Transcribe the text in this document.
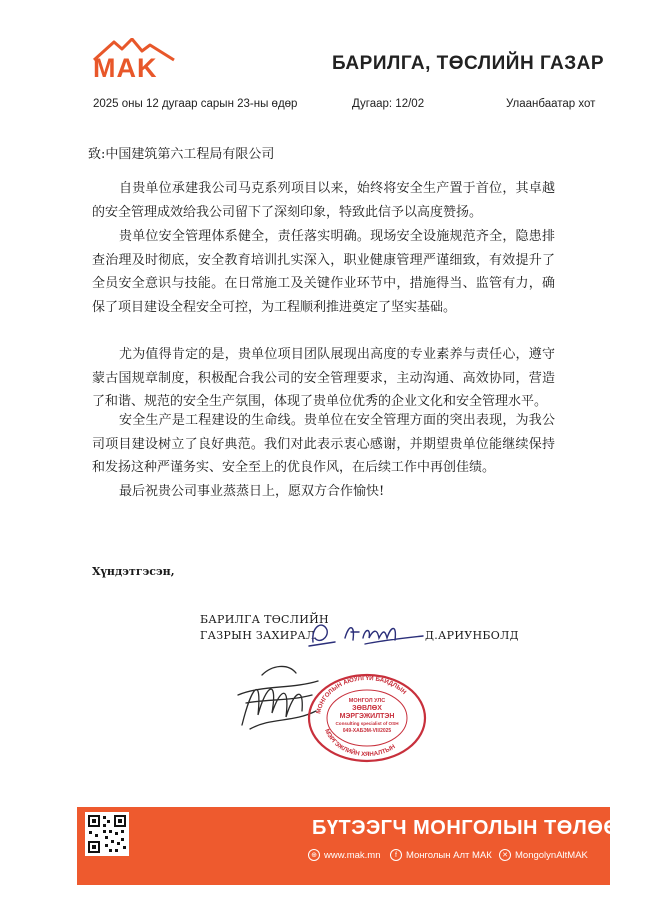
MAK	БАРИЛГА, ТӨСЛИЙН ГАЗАР
2025 оны 12 дугаар сарын 23-ны өдөр	Дугаар: 12/02	Улаанбаатар хот
致:中国建筑第六工程局有限公司
自贵单位承建我公司马克系列项目以来，始终将安全生产置于首位，其卓越的安全管理成效给我公司留下了深刻印象，特致此信予以高度赞扬。
贵单位安全管理体系健全，责任落实明确。现场安全设施规范齐全，隐患排查治理及时彻底，安全教育培训扎实深入，职业健康管理严谨细致，有效提升了全员安全意识与技能。在日常施工及关键作业环节中，措施得当、监管有力，确保了项目建设全程安全可控，为工程顺利推进奠定了坚实基础。
尤为值得肯定的是，贵单位项目团队展现出高度的专业素养与责任心，遵守蒙古国规章制度，积极配合我公司的安全管理要求，主动沟通、高效协同，营造了和谐、规范的安全生产氛围，体现了贵单位优秀的企业文化和安全管理水平。
安全生产是工程建设的生命线。贵单位在安全管理方面的突出表现，为我公司项目建设树立了良好典范。我们对此表示衷心感谢，并期望贵单位能继续保持和发扬这种严谨务实、安全至上的优良作风，在后续工作中再创佳绩。
最后祝贵公司事业蒸蒸日上，愿双方合作愉快!
Хүндэтгэсэн,
БАРИЛГА ТӨСЛИЙН
ГАЗРЫН ЗАХИРАЛ	Д.АРИУНБОЛД
МОНГОЛЫН АЮУЛГҮЙ БАЙДЛЫН
МЭРГЭЖЛИЙН ХЯНАЛТЫН
МОНГОЛ УЛС
ЗӨВЛӨХ
МЭРГЭЖИЛТЭН
Consulting specialist of OSH
049-ХАБЭМ-VII/2025
БҮТЭЭГЧ МОНГОЛЫН ТӨЛӨӨ
⊕ www.mak.mn	f Монголын Алт МАК	✕ MongolynAltMAK
